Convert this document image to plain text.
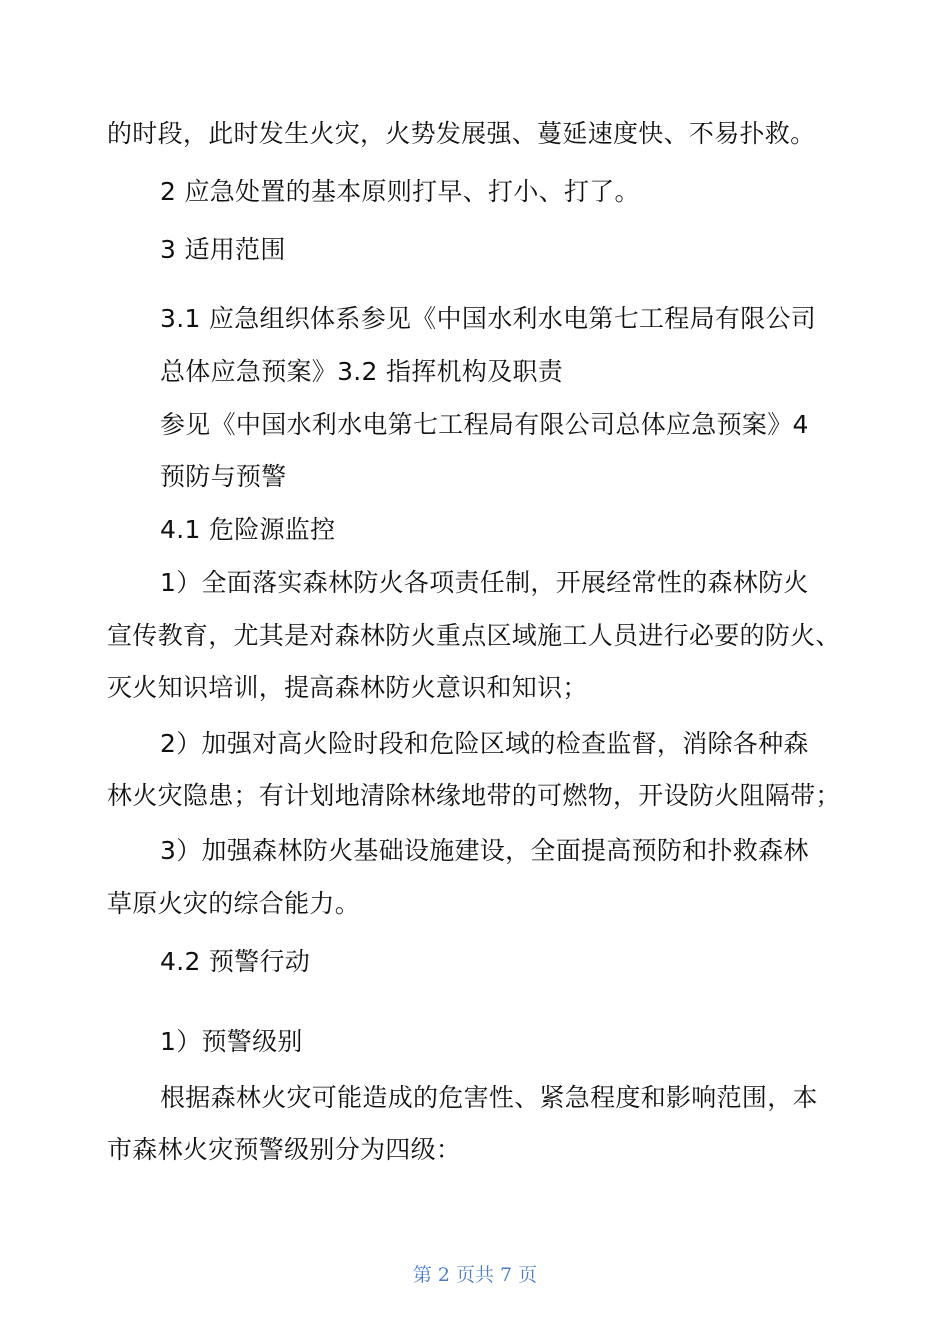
的时段，此时发生火灾，火势发展强、蔓延速度快、不易扑救。
2 应急处置的基本原则打早、打小、打了。
3 适用范围
3.1 应急组织体系参见《中国水利水电第七工程局有限公司
总体应急预案》3.2 指挥机构及职责
参见《中国水利水电第七工程局有限公司总体应急预案》4
预防与预警
4.1 危险源监控
1）全面落实森林防火各项责任制，开展经常性的森林防火
宣传教育，尤其是对森林防火重点区域施工人员进行必要的防火、
灭火知识培训，提高森林防火意识和知识；
2）加强对高火险时段和危险区域的检查监督，消除各种森
林火灾隐患；有计划地清除林缘地带的可燃物，开设防火阻隔带；
3）加强森林防火基础设施建设，全面提高预防和扑救森林
草原火灾的综合能力。
4.2 预警行动
1）预警级别
根据森林火灾可能造成的危害性、紧急程度和影响范围，本
市森林火灾预警级别分为四级：
第 2 页共 7 页
